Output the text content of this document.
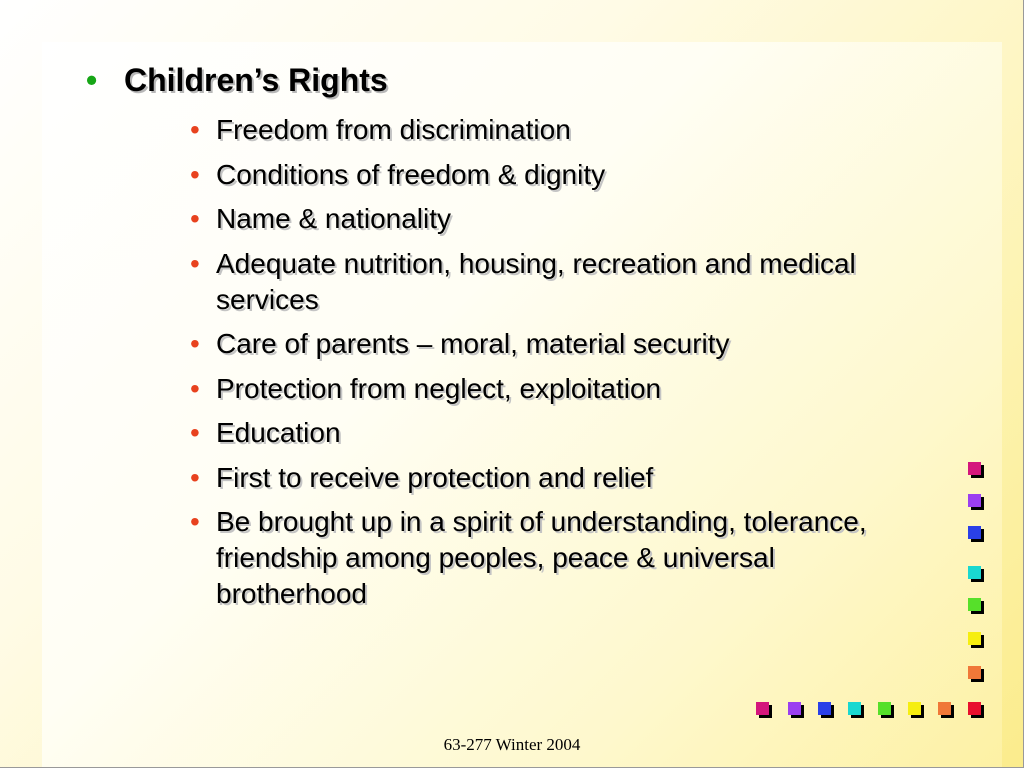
• Children’s Rights
• Freedom from discrimination
• Conditions of freedom & dignity
• Name & nationality
• Adequate nutrition, housing, recreation and medical services
• Care of parents – moral, material security
• Protection from neglect, exploitation
• Education
• First to receive protection and relief
• Be brought up in a spirit of understanding, tolerance, friendship among peoples, peace & universal brotherhood
63-277 Winter 2004
